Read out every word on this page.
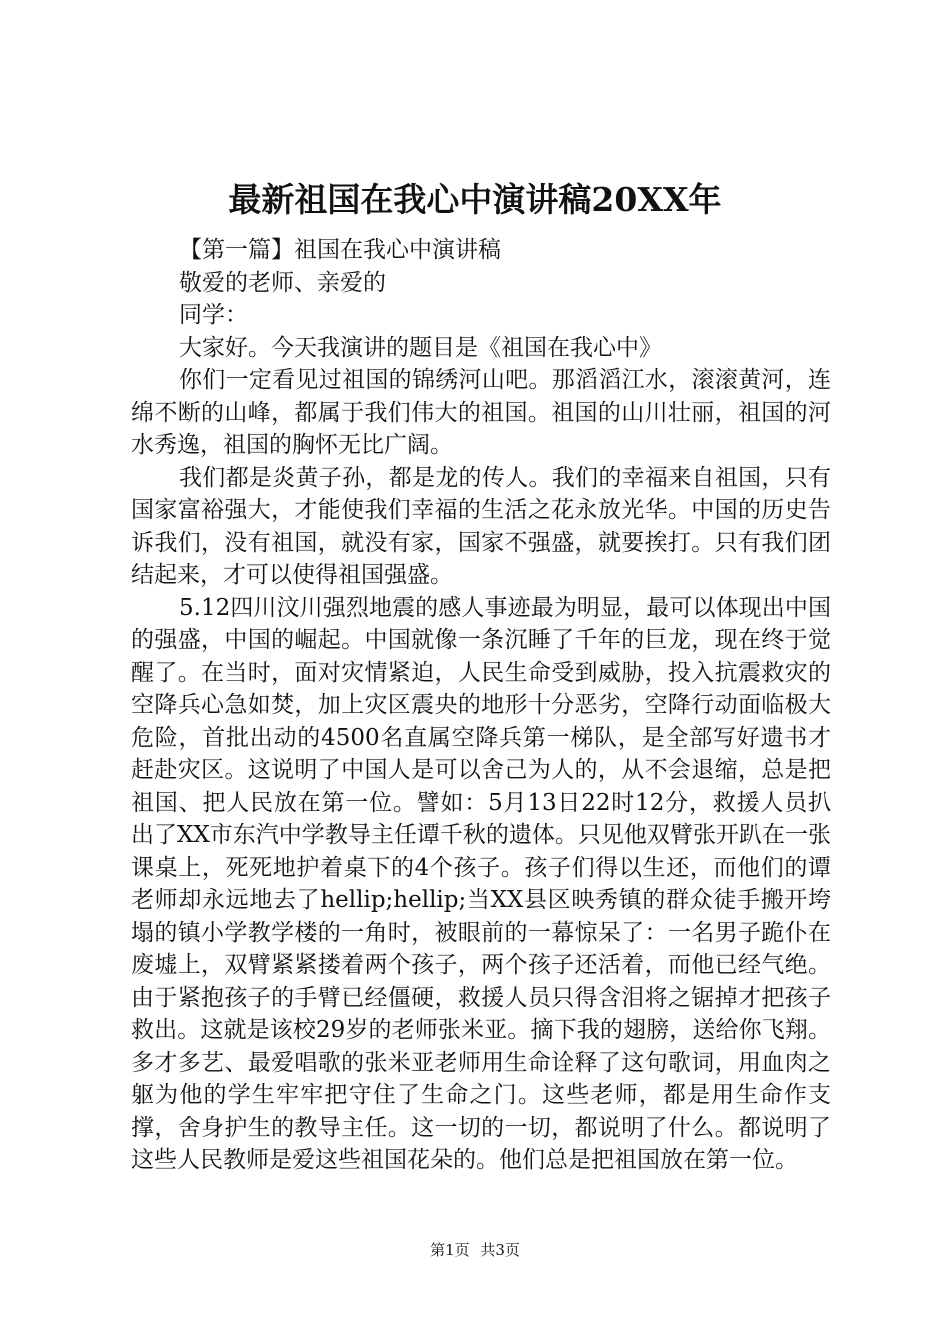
最新祖国在我心中演讲稿20XX年

【第一篇】祖国在我心中演讲稿

敬爱的老师、亲爱的

同学：

大家好。今天我演讲的题目是《祖国在我心中》

你们一定看见过祖国的锦绣河山吧。那滔滔江水，滚滚黄河，连绵不断的山峰，都属于我们伟大的祖国。祖国的山川壮丽，祖国的河水秀逸，祖国的胸怀无比广阔。

我们都是炎黄子孙，都是龙的传人。我们的幸福来自祖国，只有国家富裕强大，才能使我们幸福的生活之花永放光华。中国的历史告诉我们，没有祖国，就没有家，国家不强盛，就要挨打。只有我们团结起来，才可以使得祖国强盛。

5.12四川汶川强烈地震的感人事迹最为明显，最可以体现出中国的强盛，中国的崛起。中国就像一条沉睡了千年的巨龙，现在终于觉醒了。在当时，面对灾情紧迫，人民生命受到威胁，投入抗震救灾的空降兵心急如焚，加上灾区震央的地形十分恶劣，空降行动面临极大危险，首批出动的4500名直属空降兵第一梯队，是全部写好遗书才赶赴灾区。这说明了中国人是可以舍己为人的，从不会退缩，总是把祖国、把人民放在第一位。譬如：5月13日22时12分，救援人员扒出了XX市东汽中学教导主任谭千秋的遗体。只见他双臂张开趴在一张课桌上，死死地护着桌下的4个孩子。孩子们得以生还，而他们的谭老师却永远地去了hellip;hellip;当XX县区映秀镇的群众徒手搬开垮塌的镇小学教学楼的一角时，被眼前的一幕惊呆了：一名男子跪仆在废墟上，双臂紧紧搂着两个孩子，两个孩子还活着，而他已经气绝。由于紧抱孩子的手臂已经僵硬，救援人员只得含泪将之锯掉才把孩子救出。这就是该校29岁的老师张米亚。摘下我的翅膀，送给你飞翔。多才多艺、最爱唱歌的张米亚老师用生命诠释了这句歌词，用血肉之躯为他的学生牢牢把守住了生命之门。这些老师，都是用生命作支撑，舍身护生的教导主任。这一切的一切，都说明了什么。都说明了这些人民教师是爱这些祖国花朵的。他们总是把祖国放在第一位。

第1页 共3页
